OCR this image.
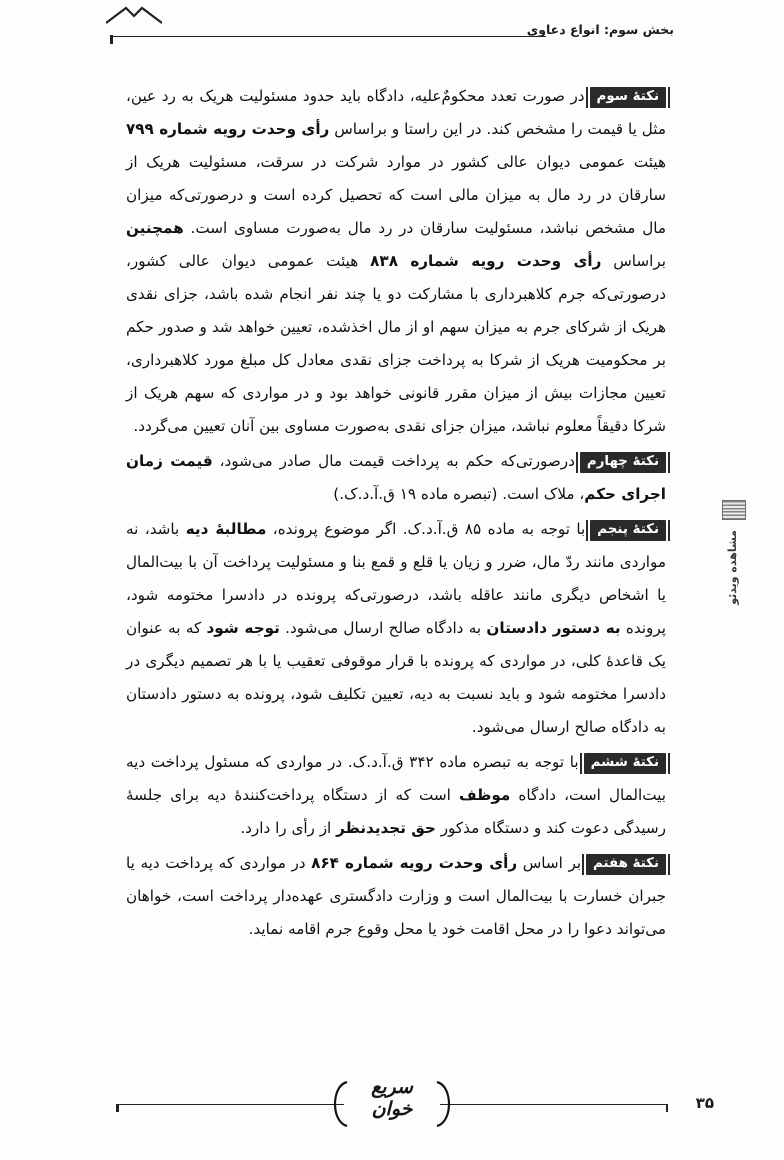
بخش سوم: انواع دعاوی
مشاهده ویدئو

نکتۀ سومدر صورت تعدد محکومٌ‌علیه، دادگاه باید حدود مسئولیت هریک به رد عین، مثل یا قیمت را مشخص کند. در این راستا و براساس رأی وحدت رویه شماره ۷۹۹ هیئت عمومی دیوان عالی کشور در موارد شرکت در سرقت، مسئولیت هریک از سارقان در رد مال به میزان مالی است که تحصیل کرده است و درصورتی‌که میزان مال مشخص نباشد، مسئولیت سارقان در رد مال به‌صورت مساوی است. همچنین براساس رأی وحدت رویه شماره ۸۳۸ هیئت عمومی دیوان عالی کشور، درصورتی‌که جرم کلاهبرداری با مشارکت دو یا چند نفر انجام شده باشد، جزای نقدی هریک از شرکای جرم به میزان سهم او از مال اخذشده، تعیین خواهد شد و صدور حکم بر محکومیت هریک از شرکا به پرداخت جزای نقدی معادل کل مبلغ مورد کلاهبرداری، تعیین مجازات بیش از میزان مقرر قانونی خواهد بود و در مواردی که سهم هریک از شرکا دقیقاً معلوم نباشد، میزان جزای نقدی به‌صورت مساوی بین آنان تعیین می‌گردد.

نکتۀ چهارمدرصورتی‌که حکم به پرداخت قیمت مال صادر می‌شود، قیمت زمان اجرای حکم، ملاک است. (تبصره ماده ۱۹ ق.آ.د.ک.)

نکتۀ پنجمبا توجه به ماده ۸۵ ق.آ.د.ک. اگر موضوع پرونده، مطالبۀ دیه باشد، نه مواردی مانند ردّ مال، ضرر و زیان یا قلع و قمع بنا و مسئولیت پرداخت آن با بیت‌المال یا اشخاص دیگری مانند عاقله باشد، درصورتی‌که پرونده در دادسرا مختومه شود، پرونده به دستور دادستان به دادگاه صالح ارسال می‌شود. توجه شود که به عنوان یک قاعدۀ کلی، در مواردی که پرونده با قرار موقوفی تعقیب یا با هر تصمیم دیگری در دادسرا مختومه شود و باید نسبت به دیه، تعیین تکلیف شود، پرونده به دستور دادستان به دادگاه صالح ارسال می‌شود.

نکتۀ ششمبا توجه به تبصره ماده ۳۴۲ ق.آ.د.ک. در مواردی که مسئول پرداخت دیه بیت‌المال است، دادگاه موظف است که از دستگاه پرداخت‌کنندۀ دیه برای جلسۀ رسیدگی دعوت کند و دستگاه مذکور حق تجدیدنظر از رأی را دارد.

نکتۀ هفتمبر اساس رأی وحدت رویه شماره ۸۶۴ در مواردی که پرداخت دیه یا جبران خسارت با بیت‌المال است و وزارت دادگستری عهده‌دار پرداخت است، خواهان می‌تواند دعوا را در محل اقامت خود یا محل وقوع جرم اقامه نماید.

۳۵
سریع
خوان
